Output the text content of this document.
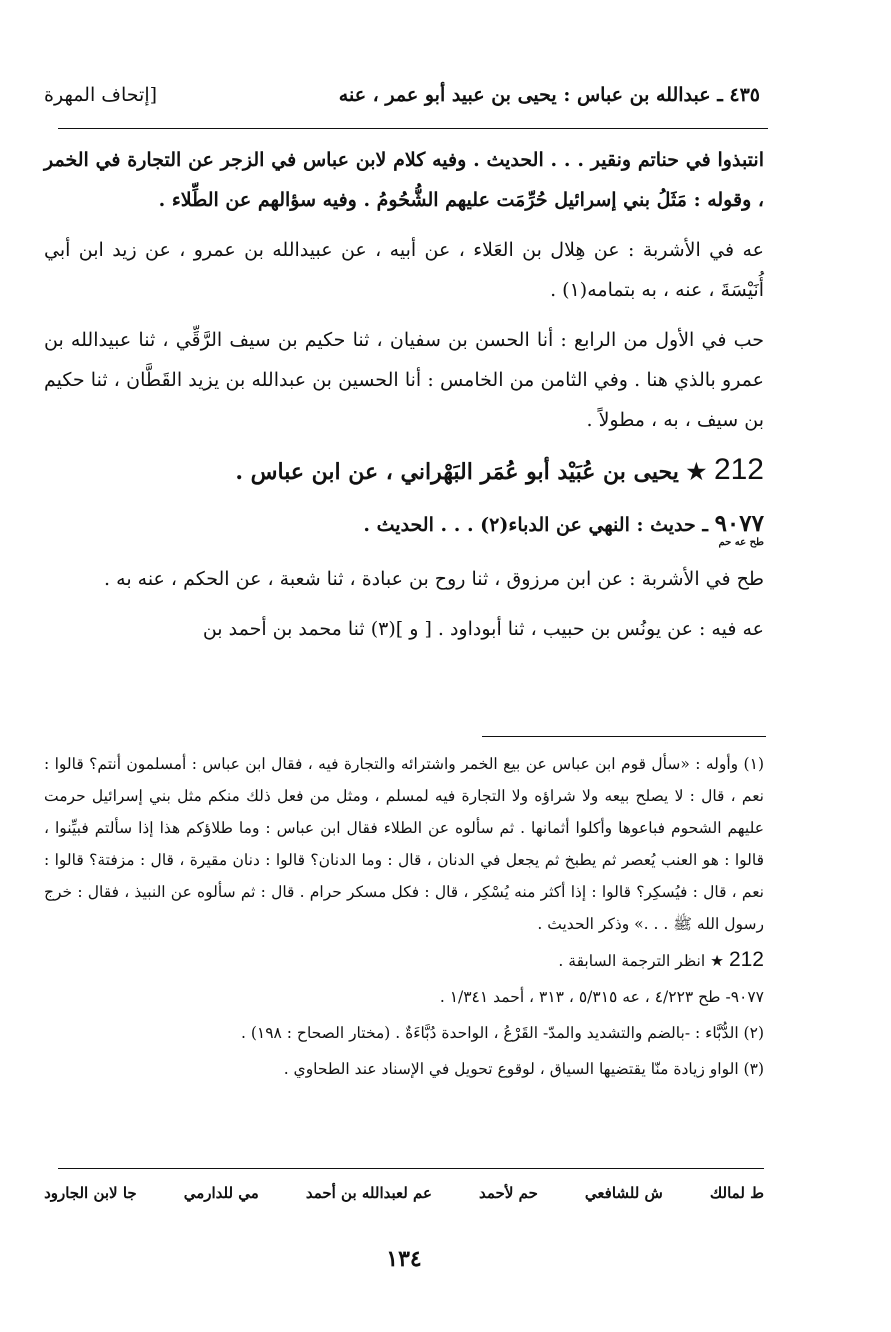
٤٣٥ ـ عبدالله بن عباس : يحيى بن عبيد أبو عمر ، عنه
[إتحاف المهرة

انتبذوا في حناتم ونقير . . . الحديث . وفيه كلام لابن عباس في الزجر عن التجارة في الخمر ، وقوله : مَثَلُ بني إسرائيل حُرِّمَت عليهم الشُّحُومُ . وفيه سؤالهم عن الطِّلاء .

عه في الأشربة : عن هِلال بن العَلاء ، عن أبيه ، عن عبيدالله بن عمرو ، عن زيد ابن أبي أُنَيْسَةَ ، عنه ، به بتمامه(١) .

حب في الأول من الرابع : أنا الحسن بن سفيان ، ثنا حكيم بن سيف الرَّقِّي ، ثنا عبيدالله بن عمرو بالذي هنا . وفي الثامن من الخامس : أنا الحسين بن عبدالله بن يزيد القَطَّان ، ثنا حكيم بن سيف ، به ، مطولاً .

212 ★ يحيى بن عُبَيْد أبو عُمَر البَهْراني ، عن ابن عباس .

٩٠٧٧ ـ حديث : النهي عن الدباء(٢) . . . الحديث .
طح عه حم

طح في الأشربة : عن ابن مرزوق ، ثنا روح بن عبادة ، ثنا شعبة ، عن الحكم ، عنه به .

عه فيه : عن يونُس بن حبيب ، ثنا أبوداود . [ و ](٣) ثنا محمد بن أحمد بن

(١) وأوله : «سأل قوم ابن عباس عن بيع الخمر واشترائه والتجارة فيه ، فقال ابن عباس : أمسلمون أنتم؟ قالوا : نعم ، قال : لا يصلح بيعه ولا شراؤه ولا التجارة فيه لمسلم ، ومثل من فعل ذلك منكم مثل بني إسرائيل حرمت عليهم الشحوم فباعوها وأكلوا أثمانها . ثم سألوه عن الطلاء فقال ابن عباس : وما طلاؤكم هذا إذا سألتم فبيِّنوا ، قالوا : هو العنب يُعصر ثم يطبخ ثم يجعل في الدنان ، قال : وما الدنان؟ قالوا : دنان مقيرة ، قال : مزفتة؟ قالوا : نعم ، قال : فيُسكِر؟ قالوا : إذا أكثر منه يُسْكِر ، قال : فكل مسكر حرام . قال : ثم سألوه عن النبيذ ، فقال : خرج رسول الله ﷺ . . .» وذكر الحديث .

212 ★ انظر الترجمة السابقة .

٩٠٧٧- طح ٤/٢٢٣ ، عه ٥/٣١٥ ، ٣١٣ ، أحمد ١/٣٤١ .

(٢) الدُّبَّاء : -بالضم والتشديد والمدّ- القَرْعُ ، الواحدة دُبَّاءَةٌ . (مختار الصحاح : ١٩٨) .

(٣) الواو زيادة منّا يقتضيها السياق ، لوقوع تحويل في الإسناد عند الطحاوي .

ط لمالك
ش للشافعي
حم لأحمد
عم لعبدالله بن أحمد
مي للدارمي
جا لابن الجارود
١٣٤
